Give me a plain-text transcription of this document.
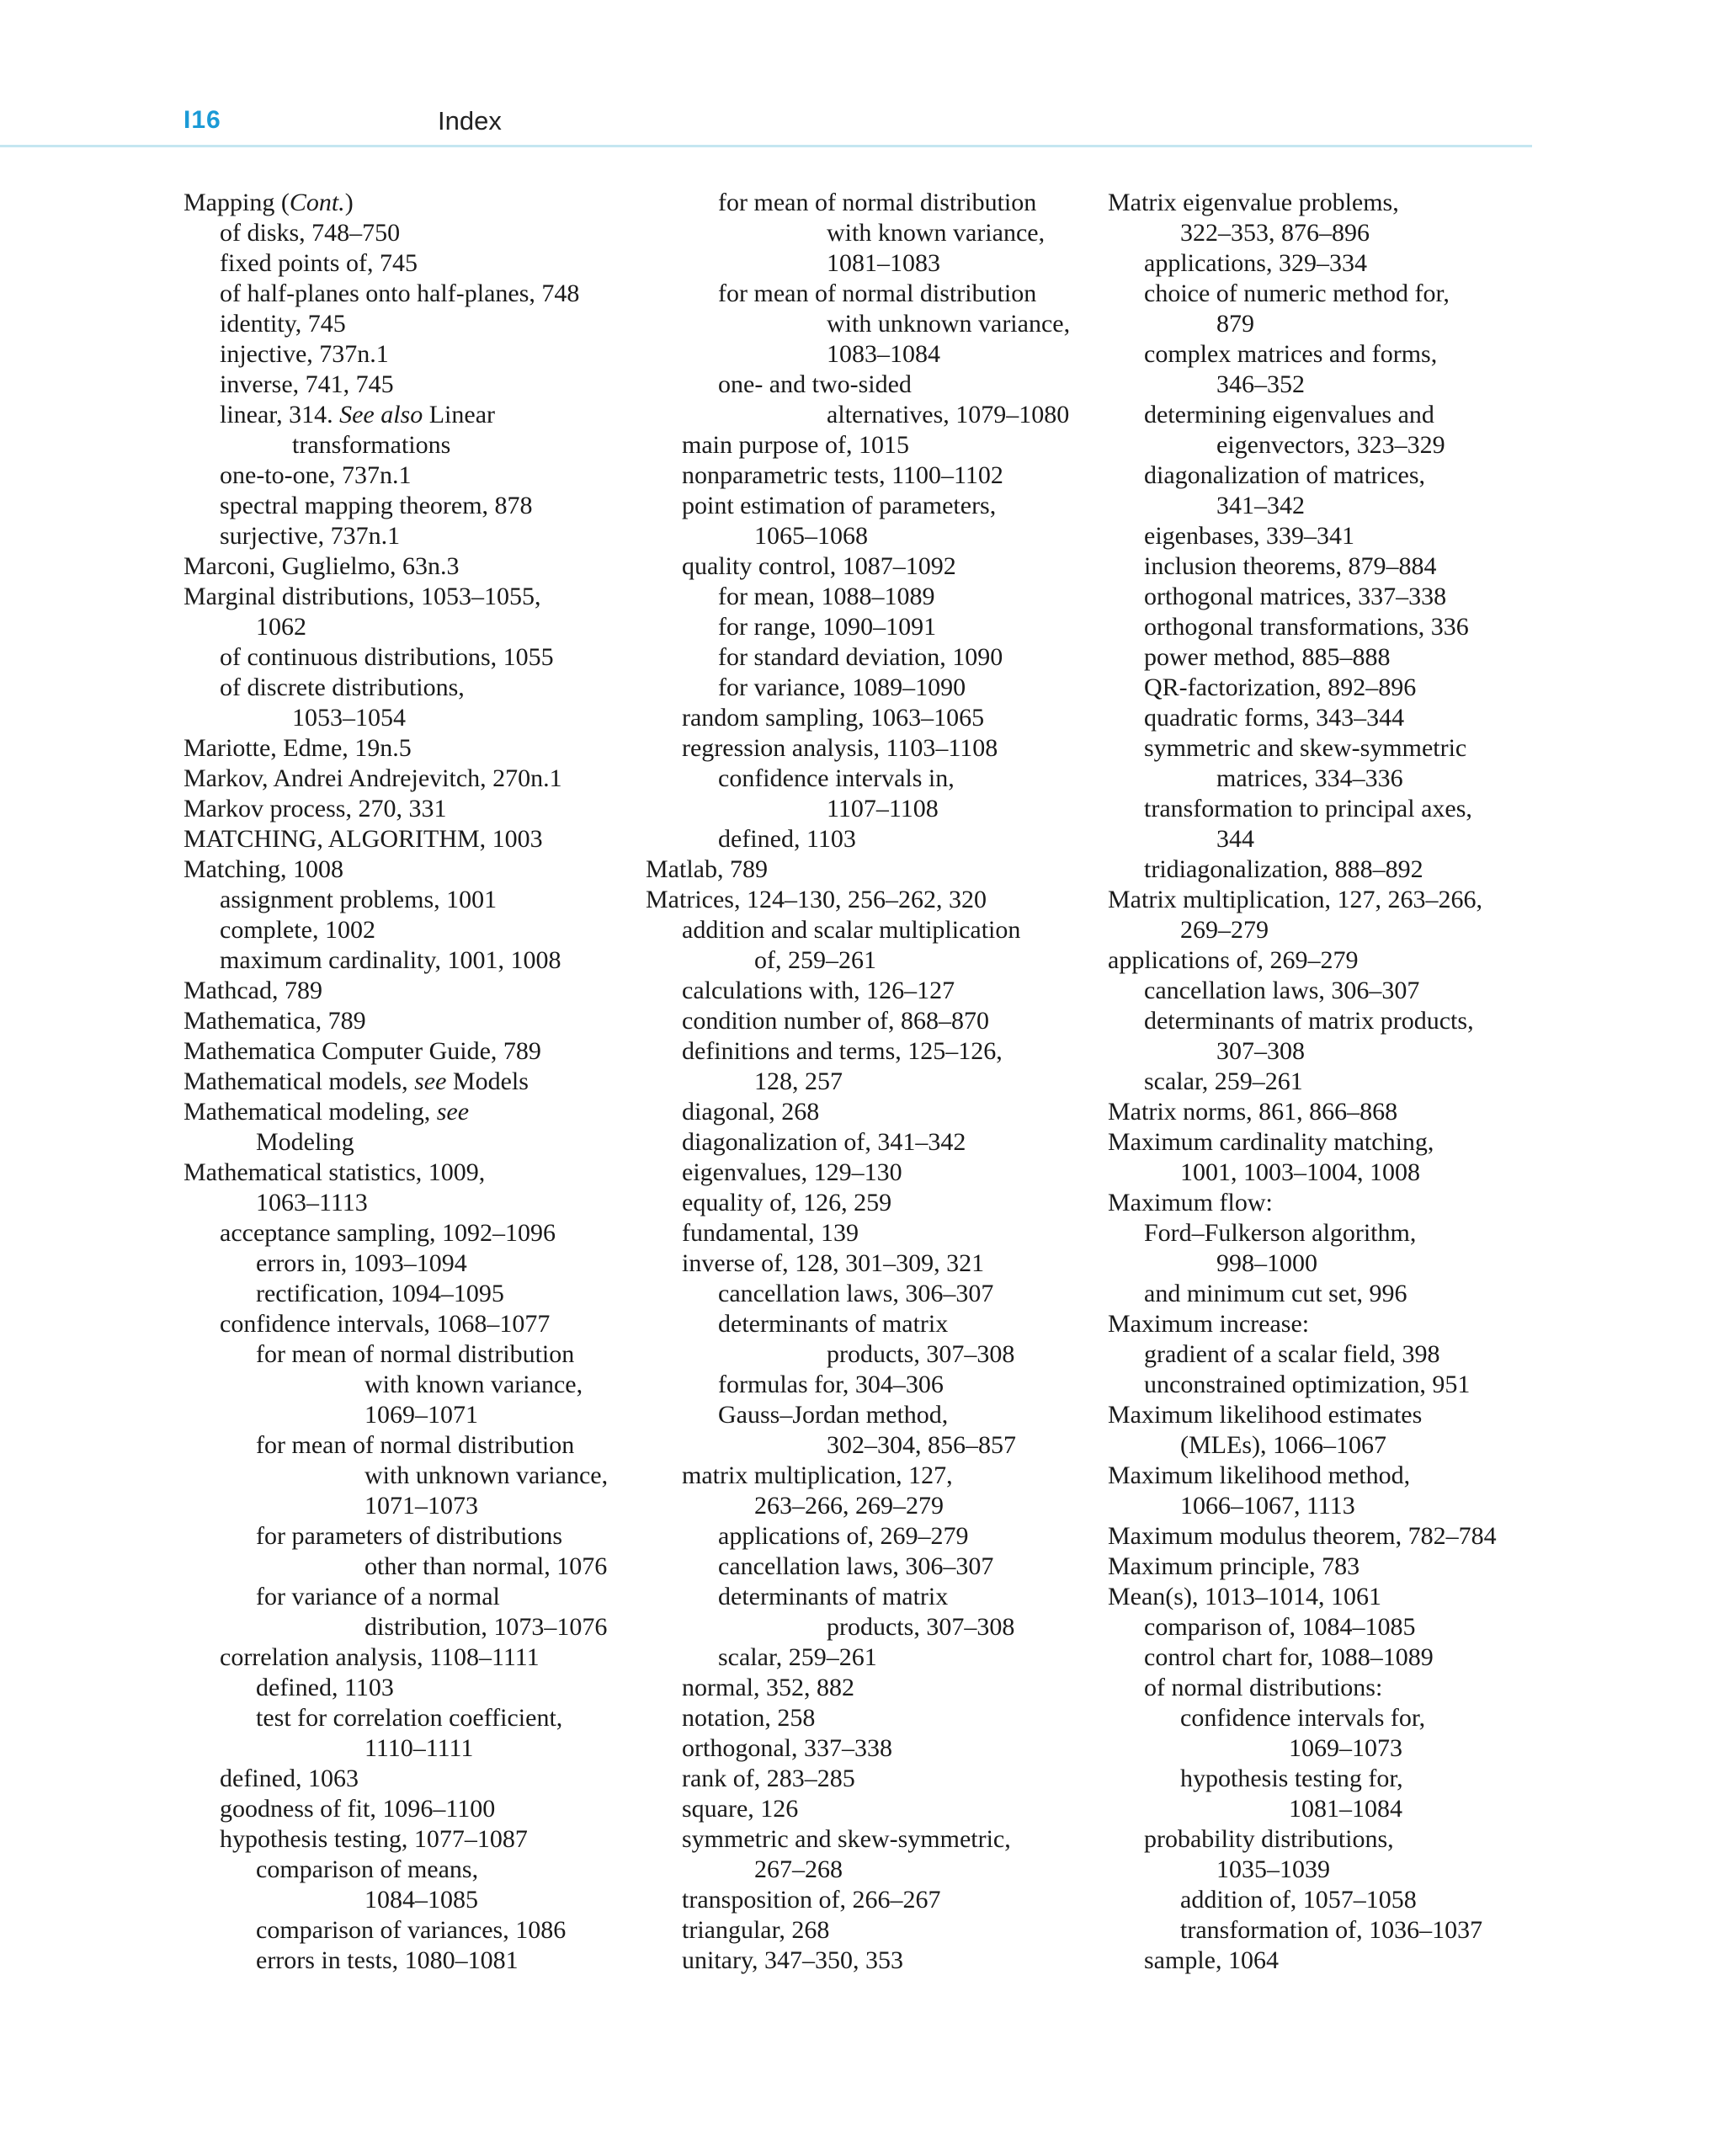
I16	Index
Mapping (Cont.)
of disks, 748–750
fixed points of, 745
of half-planes onto half-planes, 748
identity, 745
injective, 737n.1
inverse, 741, 745
linear, 314. See also Linear
transformations
one-to-one, 737n.1
spectral mapping theorem, 878
surjective, 737n.1
Marconi, Guglielmo, 63n.3
Marginal distributions, 1053–1055,
1062
of continuous distributions, 1055
of discrete distributions,
1053–1054
Mariotte, Edme, 19n.5
Markov, Andrei Andrejevitch, 270n.1
Markov process, 270, 331
MATCHING, ALGORITHM, 1003
Matching, 1008
assignment problems, 1001
complete, 1002
maximum cardinality, 1001, 1008
Mathcad, 789
Mathematica, 789
Mathematica Computer Guide, 789
Mathematical models, see Models
Mathematical modeling, see
Modeling
Mathematical statistics, 1009,
1063–1113
acceptance sampling, 1092–1096
errors in, 1093–1094
rectification, 1094–1095
confidence intervals, 1068–1077
for mean of normal distribution
with known variance,
1069–1071
for mean of normal distribution
with unknown variance,
1071–1073
for parameters of distributions
other than normal, 1076
for variance of a normal
distribution, 1073–1076
correlation analysis, 1108–1111
defined, 1103
test for correlation coefficient,
1110–1111
defined, 1063
goodness of fit, 1096–1100
hypothesis testing, 1077–1087
comparison of means,
1084–1085
comparison of variances, 1086
errors in tests, 1080–1081
for mean of normal distribution
with known variance,
1081–1083
for mean of normal distribution
with unknown variance,
1083–1084
one- and two-sided
alternatives, 1079–1080
main purpose of, 1015
nonparametric tests, 1100–1102
point estimation of parameters,
1065–1068
quality control, 1087–1092
for mean, 1088–1089
for range, 1090–1091
for standard deviation, 1090
for variance, 1089–1090
random sampling, 1063–1065
regression analysis, 1103–1108
confidence intervals in,
1107–1108
defined, 1103
Matlab, 789
Matrices, 124–130, 256–262, 320
addition and scalar multiplication
of, 259–261
calculations with, 126–127
condition number of, 868–870
definitions and terms, 125–126,
128, 257
diagonal, 268
diagonalization of, 341–342
eigenvalues, 129–130
equality of, 126, 259
fundamental, 139
inverse of, 128, 301–309, 321
cancellation laws, 306–307
determinants of matrix
products, 307–308
formulas for, 304–306
Gauss–Jordan method,
302–304, 856–857
matrix multiplication, 127,
263–266, 269–279
applications of, 269–279
cancellation laws, 306–307
determinants of matrix
products, 307–308
scalar, 259–261
normal, 352, 882
notation, 258
orthogonal, 337–338
rank of, 283–285
square, 126
symmetric and skew-symmetric,
267–268
transposition of, 266–267
triangular, 268
unitary, 347–350, 353
Matrix eigenvalue problems,
322–353, 876–896
applications, 329–334
choice of numeric method for,
879
complex matrices and forms,
346–352
determining eigenvalues and
eigenvectors, 323–329
diagonalization of matrices,
341–342
eigenbases, 339–341
inclusion theorems, 879–884
orthogonal matrices, 337–338
orthogonal transformations, 336
power method, 885–888
QR-factorization, 892–896
quadratic forms, 343–344
symmetric and skew-symmetric
matrices, 334–336
transformation to principal axes,
344
tridiagonalization, 888–892
Matrix multiplication, 127, 263–266,
269–279
applications of, 269–279
cancellation laws, 306–307
determinants of matrix products,
307–308
scalar, 259–261
Matrix norms, 861, 866–868
Maximum cardinality matching,
1001, 1003–1004, 1008
Maximum flow:
Ford–Fulkerson algorithm,
998–1000
and minimum cut set, 996
Maximum increase:
gradient of a scalar field, 398
unconstrained optimization, 951
Maximum likelihood estimates
(MLEs), 1066–1067
Maximum likelihood method,
1066–1067, 1113
Maximum modulus theorem, 782–784
Maximum principle, 783
Mean(s), 1013–1014, 1061
comparison of, 1084–1085
control chart for, 1088–1089
of normal distributions:
confidence intervals for,
1069–1073
hypothesis testing for,
1081–1084
probability distributions,
1035–1039
addition of, 1057–1058
transformation of, 1036–1037
sample, 1064
